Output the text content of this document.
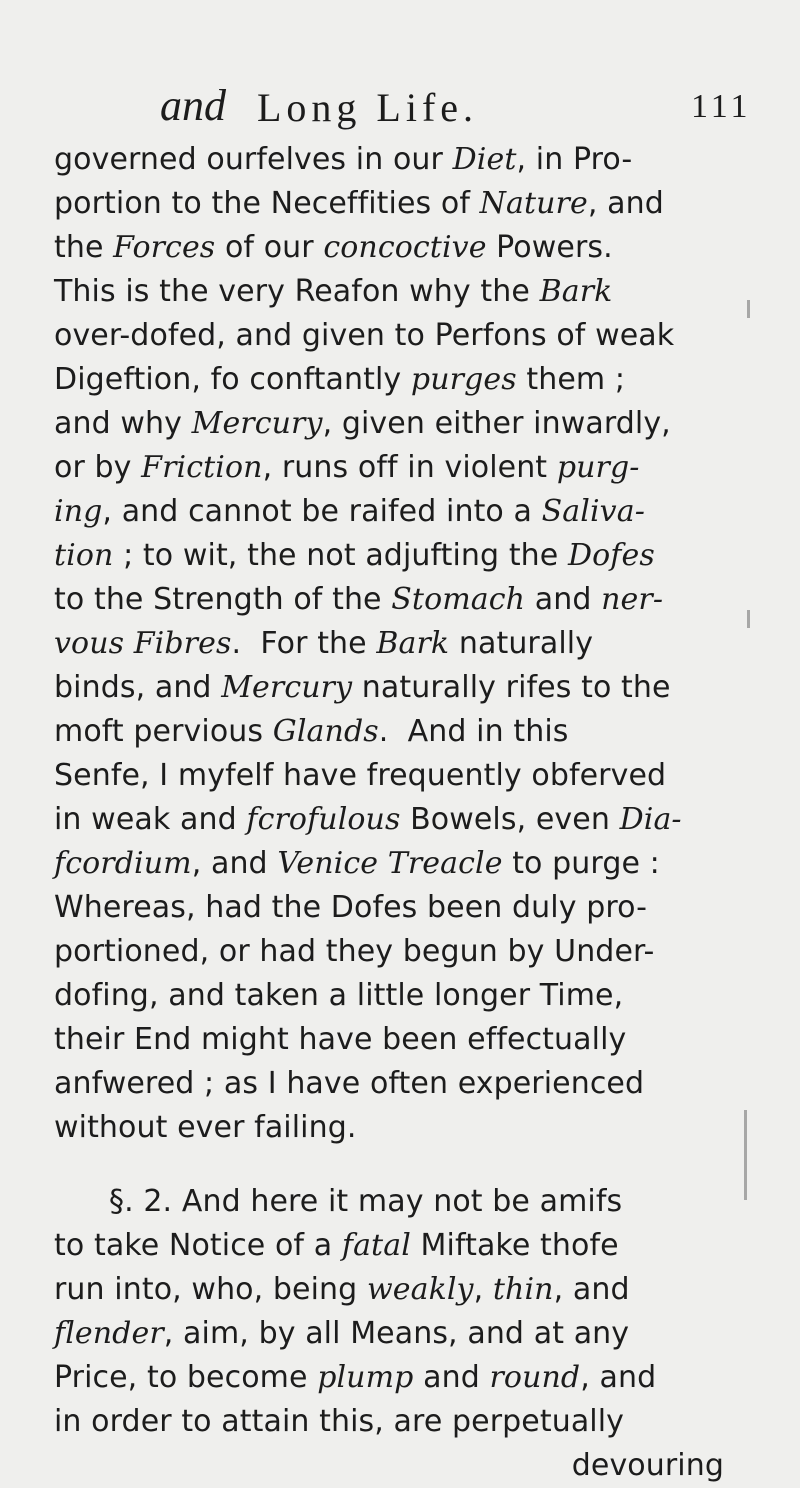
and Long Life.	111
governed ourfelves in our Diet, in Pro-
portion to the Neceffities of Nature, and
the Forces of our concoctive Powers.
This is the very Reafon why the Bark
over-dofed, and given to Perfons of weak
Digeftion, fo conftantly purges them ;
and why Mercury, given either inwardly,
or by Friction, runs off in violent purg-
ing, and cannot be raifed into a Saliva-
tion ; to wit, the not adjufting the Dofes
to the Strength of the Stomach and ner-
vous Fibres.  For the Bark naturally
binds, and Mercury naturally rifes to the
moft pervious Glands.  And in this
Senfe, I myfelf have frequently obferved
in weak and fcrofulous Bowels, even Dia-
fcordium, and Venice Treacle to purge :
Whereas, had the Dofes been duly pro-
portioned, or had they begun by Under-
dofing, and taken a little longer Time,
their End might have been effectually
anfwered ; as I have often experienced
without ever failing.
§. 2. And here it may not be amifs
to take Notice of a fatal Miftake thofe
run into, who, being weakly, thin, and
flender, aim, by all Means, and at any
Price, to become plump and round, and
in order to attain this, are perpetually
devouring
